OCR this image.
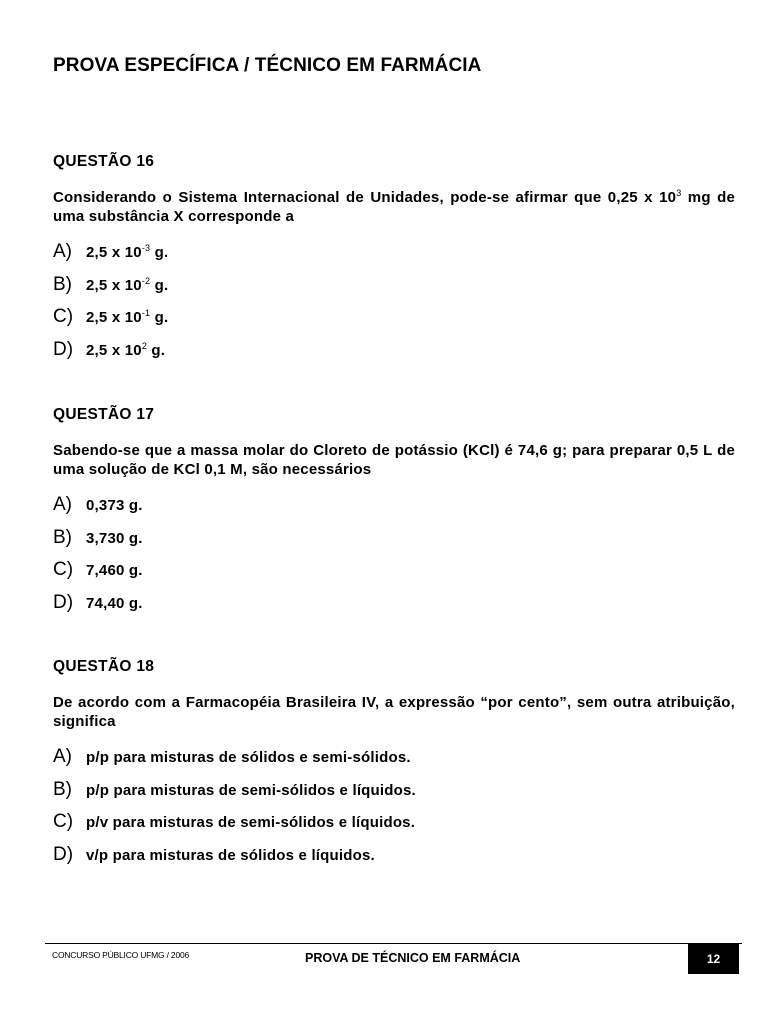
PROVA ESPECÍFICA / TÉCNICO EM FARMÁCIA
QUESTÃO 16
Considerando o Sistema Internacional de Unidades, pode-se afirmar que 0,25 x $10^3$ mg de uma substância X corresponde a
A) 2,5 x $10^{-3}$ g.
B) 2,5 x $10^{-2}$ g.
C) 2,5 x $10^{-1}$ g.
D) 2,5 x $10^2$ g.
QUESTÃO 17
Sabendo-se que a massa molar do Cloreto de potássio (KCl) é 74,6 g; para preparar 0,5 L de uma solução de KCl 0,1 M, são necessários
A) 0,373 g.
B) 3,730 g.
C) 7,460 g.
D) 74,40 g.
QUESTÃO 18
De acordo com a Farmacopéia Brasileira IV, a expressão “por cento”, sem outra atribuição, significa
A) p/p para misturas de sólidos e semi-sólidos.
B) p/p para misturas de semi-sólidos e líquidos.
C) p/v para misturas de semi-sólidos e líquidos.
D) v/p para misturas de sólidos e líquidos.
CONCURSO PÚBLICO UFMG / 2006	PROVA DE TÉCNICO EM FARMÁCIA	12
